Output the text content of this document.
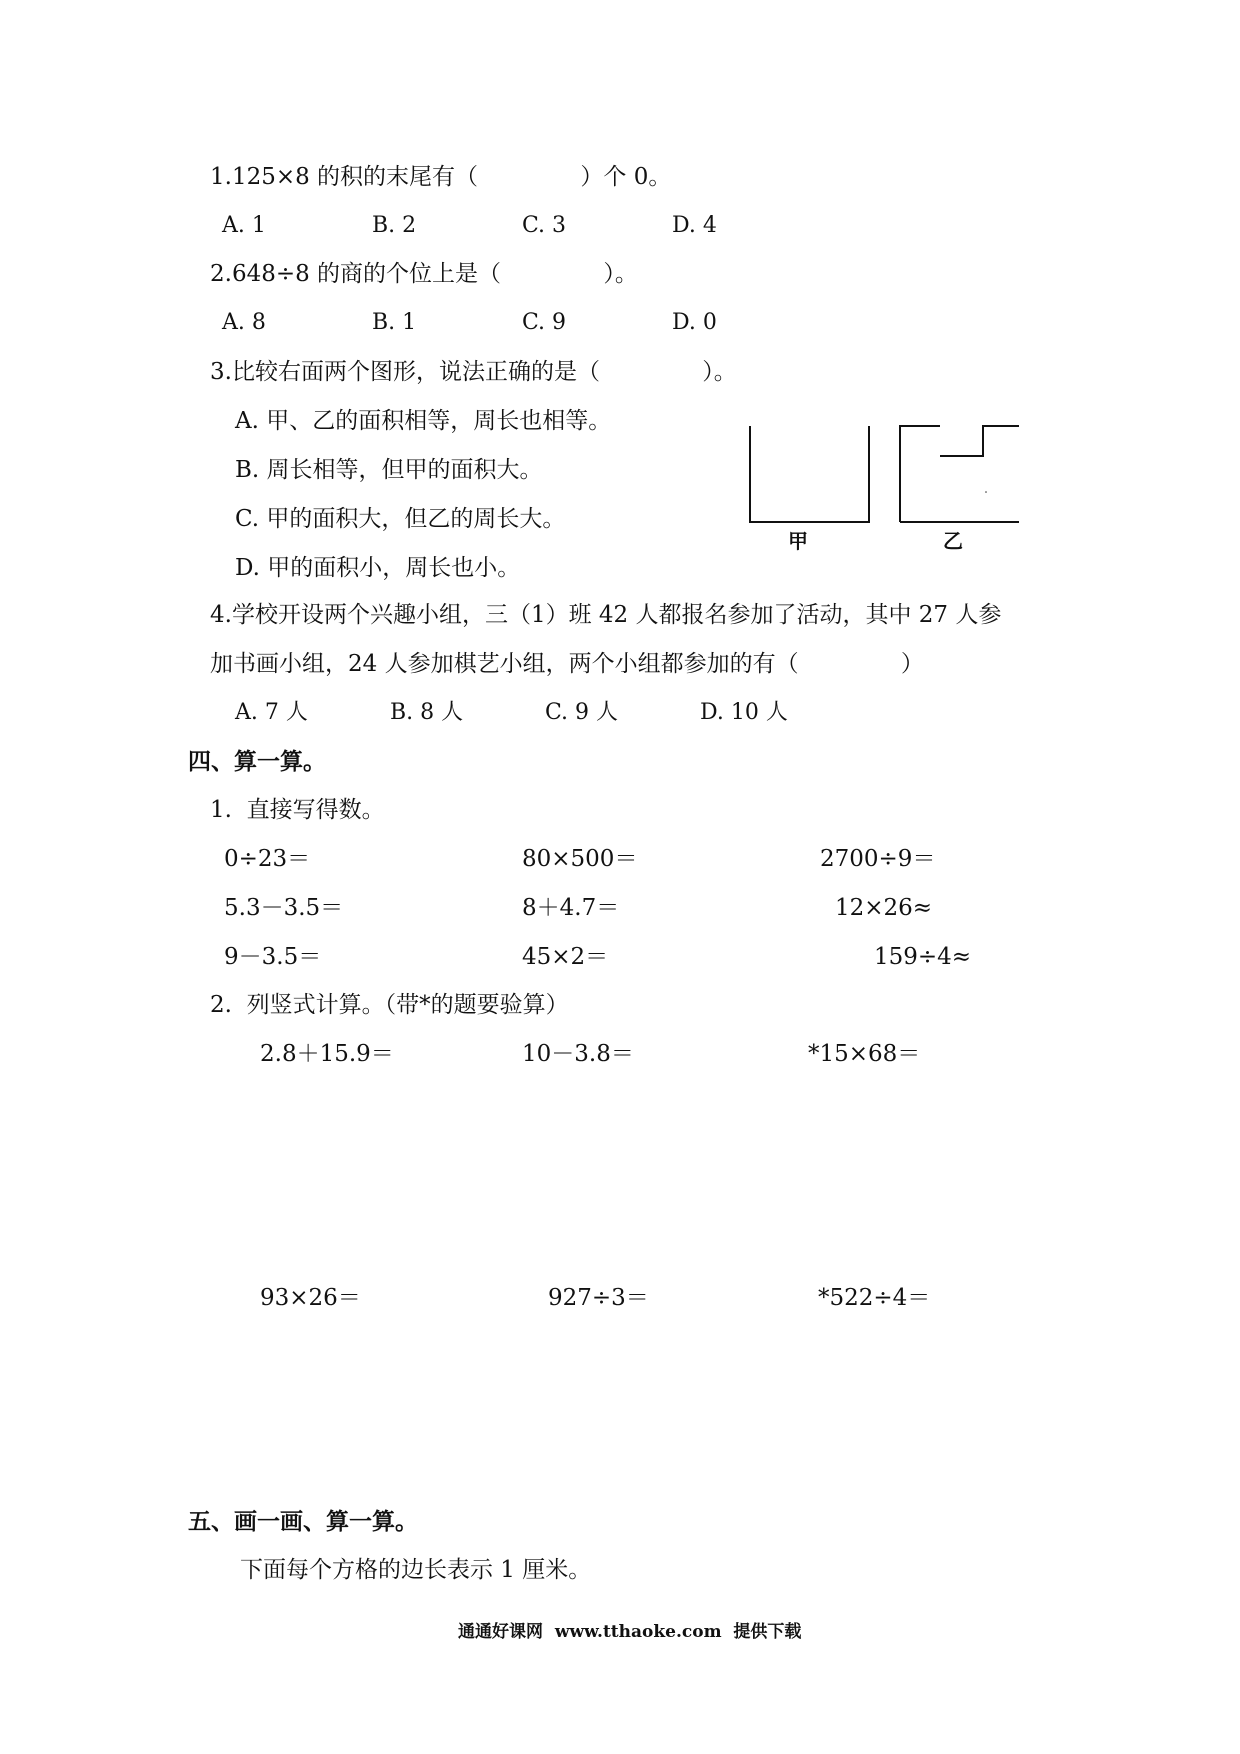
1.125×8 的积的末尾有（              ）个 0。
A. 1	B. 2	C. 3	D. 4
2.648÷8 的商的个位上是（              ）。
A. 8	B. 1	C. 9	D. 0
3.比较右面两个图形，说法正确的是（              ）。
A. 甲、乙的面积相等，周长也相等。
B. 周长相等，但甲的面积大。
C. 甲的面积大，但乙的周长大。
D. 甲的面积小，周长也小。
甲	乙
4.学校开设两个兴趣小组，三（1）班 42 人都报名参加了活动，其中 27 人参
加书画小组，24 人参加棋艺小组，两个小组都参加的有（              ）
A. 7 人	B. 8 人	C. 9 人	D. 10 人
四、算一算。
1.  直接写得数。
0÷23＝	80×500＝	2700÷9＝
5.3－3.5＝	8＋4.7＝	12×26≈
9－3.5＝	45×2＝	159÷4≈
2.  列竖式计算。（带*的题要验算）
2.8＋15.9＝	10－3.8＝	*15×68＝
93×26＝	927÷3＝	*522÷4＝
五、画一画、算一算。
下面每个方格的边长表示 1 厘米。
通通好课网  www.tthaoke.com  提供下载
